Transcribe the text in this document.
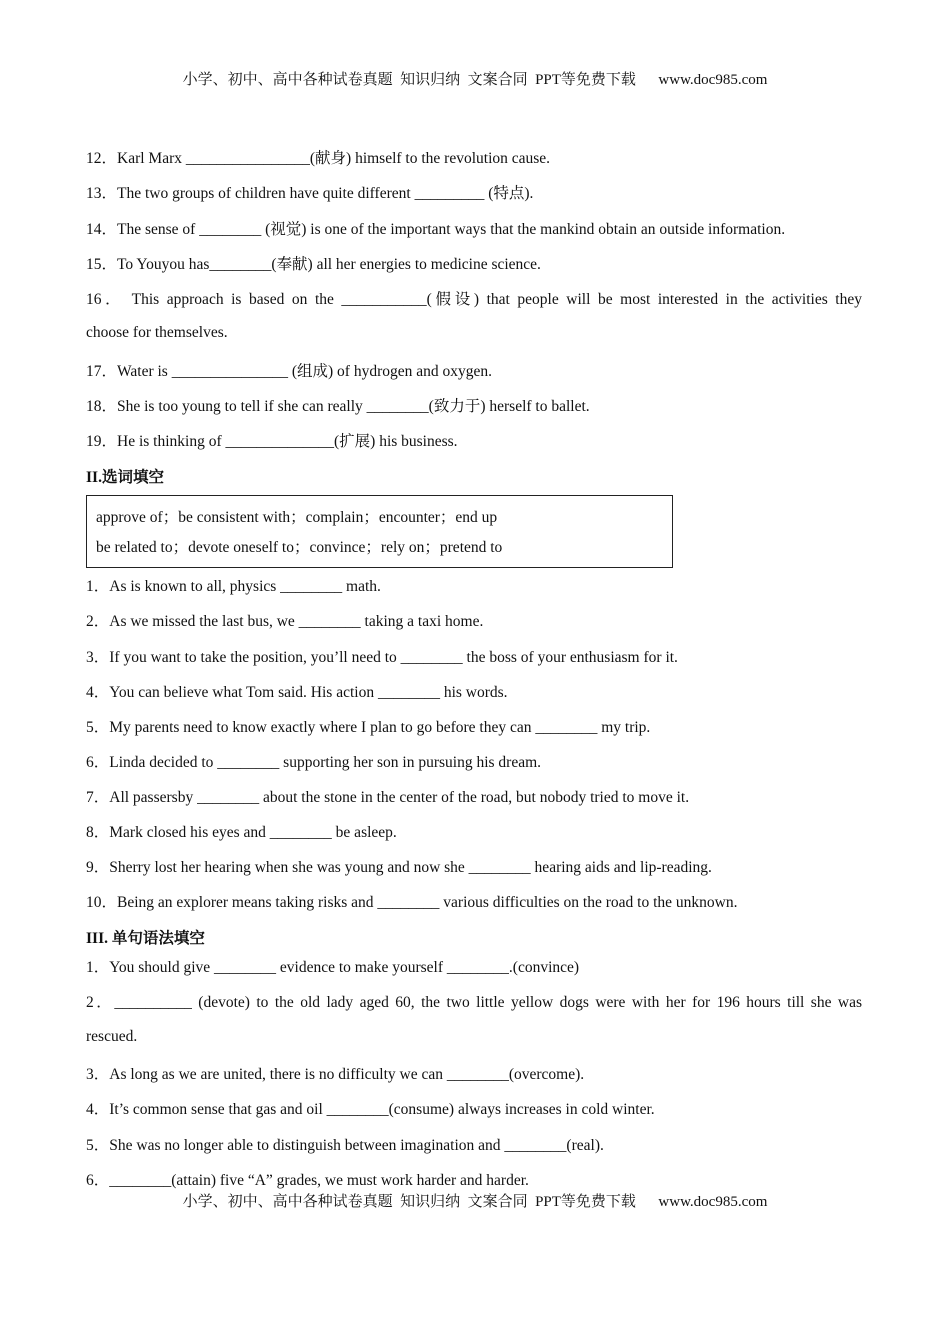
小学、初中、高中各种试卷真题  知识归纳  文案合同  PPT等免费下载      www.doc985.com
12．Karl Marx ________________(献身) himself to the revolution cause.
13．The two groups of children have quite different _________ (特点).
14．The sense of ________ (视觉) is one of the important ways that the mankind obtain an outside information.
15．To Youyou has________(奉献) all her energies to medicine science.
16． This approach is based on the ___________(假设) that people will be most interested in the activities they
choose for themselves.
17．Water is _______________ (组成) of hydrogen and oxygen.
18．She is too young to tell if she can really ________(致力于) herself to ballet.
19．He is thinking of ______________(扩展) his business.
II.选词填空
approve of；be consistent with；complain；encounter；end up
be related to；devote oneself to；convince；rely on；pretend to
1．As is known to all, physics ________ math.
2．As we missed the last bus, we ________ taking a taxi home.
3．If you want to take the position, you’ll need to ________ the boss of your enthusiasm for it.
4．You can believe what Tom said. His action ________ his words.
5．My parents need to know exactly where I plan to go before they can ________ my trip.
6．Linda decided to ________ supporting her son in pursuing his dream.
7．All passersby ________ about the stone in the center of the road, but nobody tried to move it.
8．Mark closed his eyes and ________ be asleep.
9．Sherry lost her hearing when she was young and now she ________ hearing aids and lip-reading.
10．Being an explorer means taking risks and ________ various difficulties on the road to the unknown.
III. 单句语法填空
1．You should give ________ evidence to make yourself ________.(convince)
2．__________ (devote) to the old lady aged 60, the two little yellow dogs were with her for 196 hours till she was
rescued.
3．As long as we are united, there is no difficulty we can ________(overcome).
4．It’s common sense that gas and oil ________(consume) always increases in cold winter.
5．She was no longer able to distinguish between imagination and ________(real).
6．________(attain) five “A” grades, we must work harder and harder.
小学、初中、高中各种试卷真题  知识归纳  文案合同  PPT等免费下载      www.doc985.com
